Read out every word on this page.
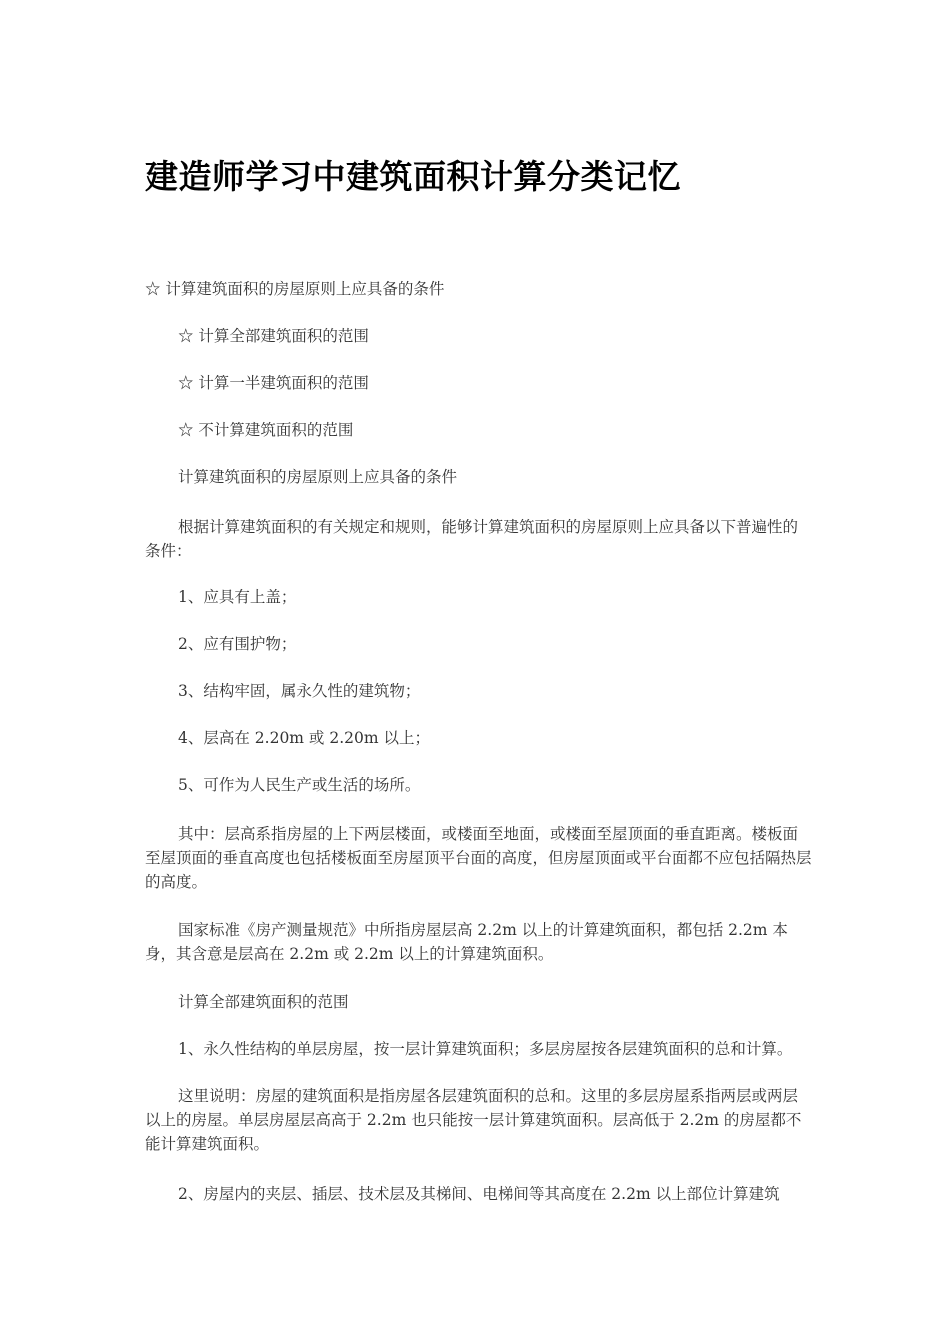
建造师学习中建筑面积计算分类记忆

☆ 计算建筑面积的房屋原则上应具备的条件

☆ 计算全部建筑面积的范围

☆ 计算一半建筑面积的范围

☆ 不计算建筑面积的范围

计算建筑面积的房屋原则上应具备的条件

根据计算建筑面积的有关规定和规则，能够计算建筑面积的房屋原则上应具备以下普遍性的条件：

1、应具有上盖；

2、应有围护物；

3、结构牢固，属永久性的建筑物；

4、层高在 2.20m 或 2.20m 以上；

5、可作为人民生产或生活的场所。

其中：层高系指房屋的上下两层楼面，或楼面至地面，或楼面至屋顶面的垂直距离。楼板面至屋顶面的垂直高度也包括楼板面至房屋顶平台面的高度，但房屋顶面或平台面都不应包括隔热层的高度。

国家标准《房产测量规范》中所指房屋层高 2.2m 以上的计算建筑面积，都包括 2.2m 本身，其含意是层高在 2.2m 或 2.2m 以上的计算建筑面积。

计算全部建筑面积的范围

1、永久性结构的单层房屋，按一层计算建筑面积；多层房屋按各层建筑面积的总和计算。

这里说明：房屋的建筑面积是指房屋各层建筑面积的总和。这里的多层房屋系指两层或两层以上的房屋。单层房屋层高高于 2.2m 也只能按一层计算建筑面积。层高低于 2.2m 的房屋都不能计算建筑面积。

2、房屋内的夹层、插层、技术层及其梯间、电梯间等其高度在 2.2m 以上部位计算建筑
